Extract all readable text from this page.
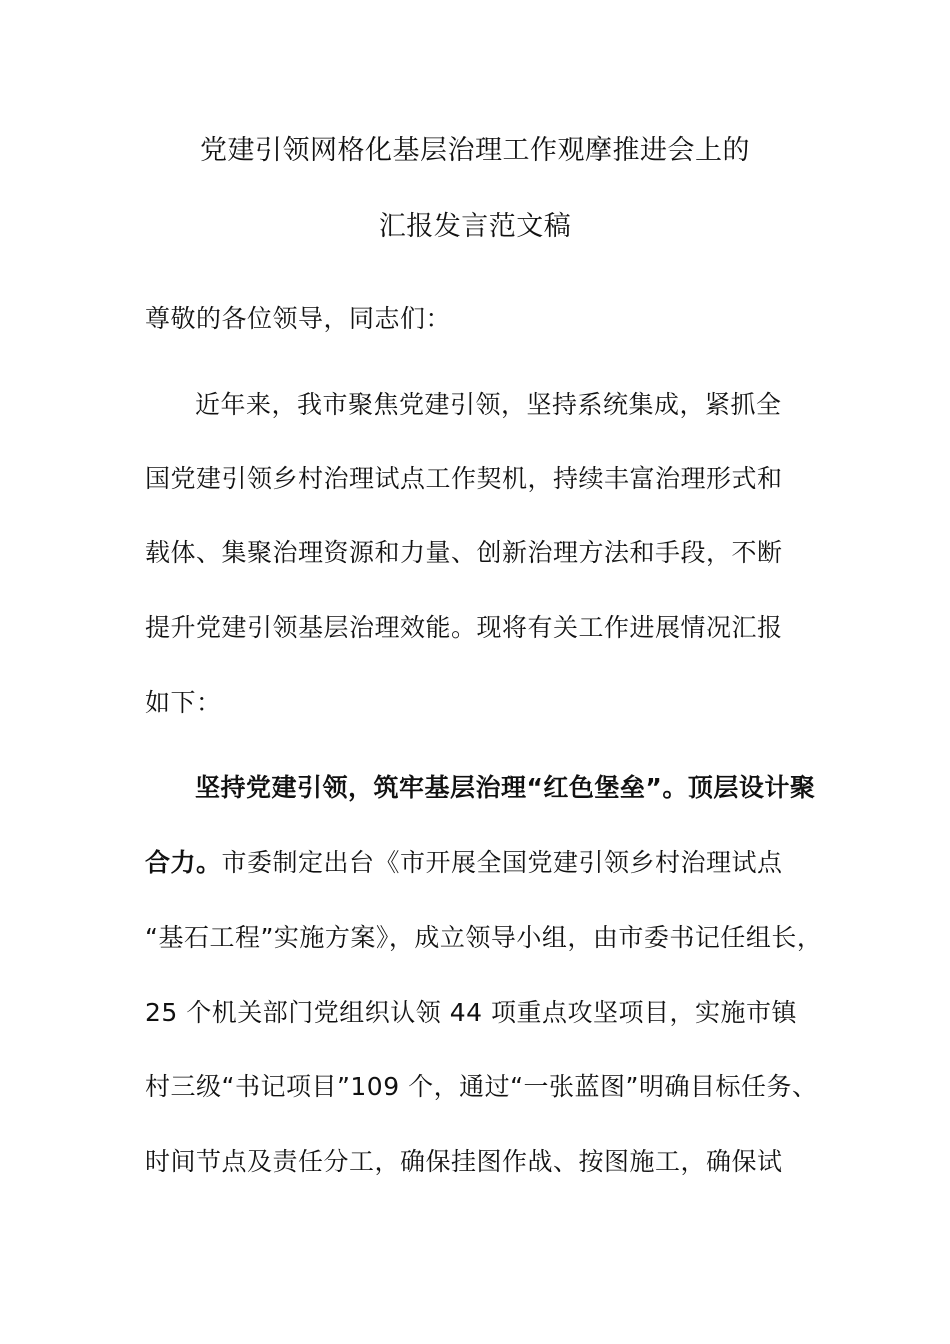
党建引领网格化基层治理工作观摩推进会上的
汇报发言范文稿
尊敬的各位领导，同志们：
近年来，我市聚焦党建引领，坚持系统集成，紧抓全
国党建引领乡村治理试点工作契机，持续丰富治理形式和
载体、集聚治理资源和力量、创新治理方法和手段，不断
提升党建引领基层治理效能。现将有关工作进展情况汇报
如下：
坚持党建引领，筑牢基层治理“红色堡垒”。顶层设计聚
合力。市委制定出台《市开展全国党建引领乡村治理试点
“基石工程”实施方案》，成立领导小组，由市委书记任组长，
25 个机关部门党组织认领 44 项重点攻坚项目，实施市镇
村三级“书记项目”109 个，通过“一张蓝图”明确目标任务、
时间节点及责任分工，确保挂图作战、按图施工，确保试
